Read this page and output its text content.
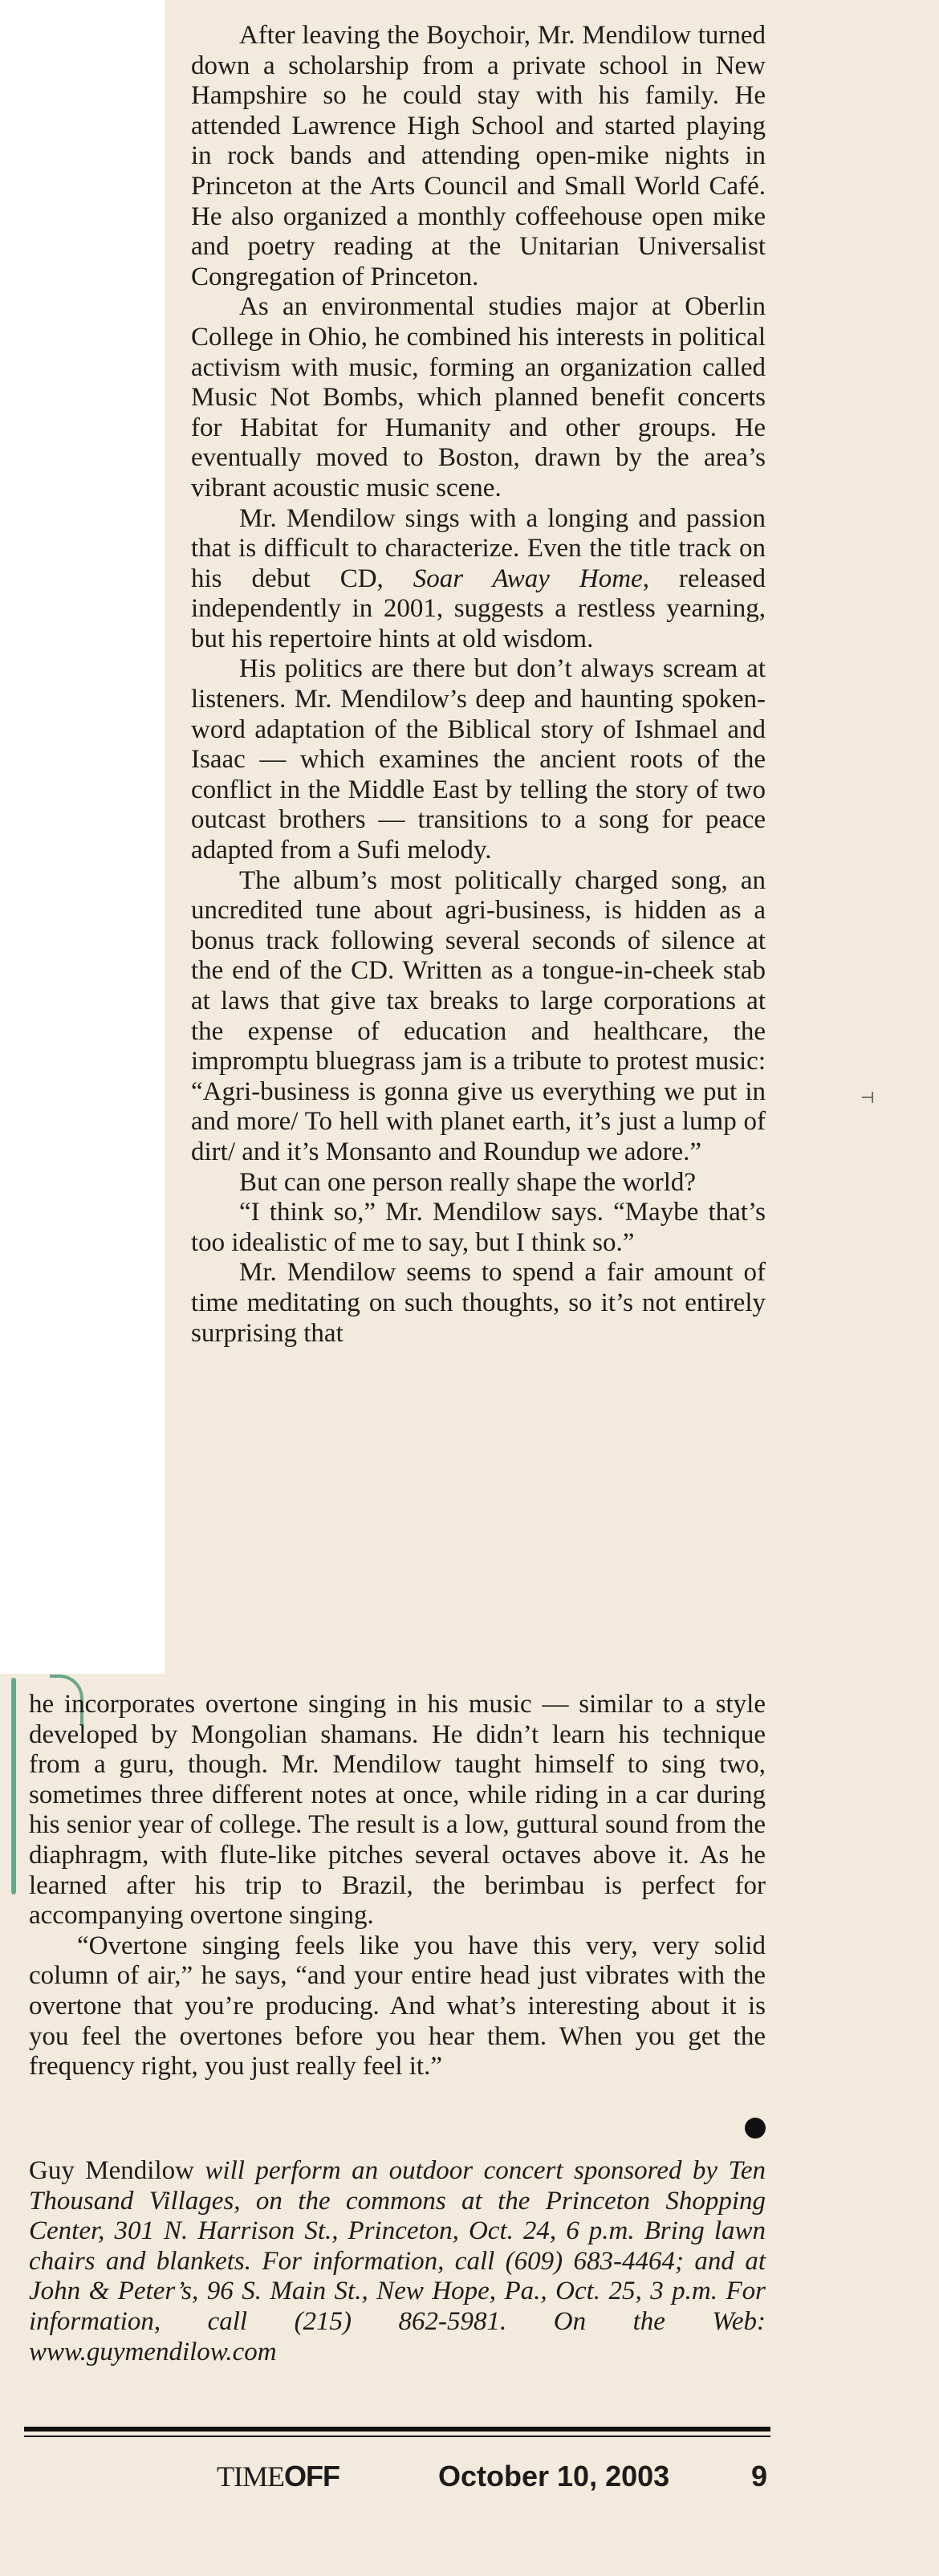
After leaving the Boychoir, Mr. Mendilow turned down a scholarship from a private school in New Hampshire so he could stay with his family. He attended Lawrence High School and started playing in rock bands and attending open-mike nights in Princeton at the Arts Council and Small World Café. He also organized a monthly coffeehouse open mike and poetry reading at the Unitarian Universalist Congregation of Princeton.

As an environmental studies major at Oberlin College in Ohio, he combined his interests in political activism with music, forming an organization called Music Not Bombs, which planned benefit concerts for Habitat for Humanity and other groups. He eventually moved to Boston, drawn by the area’s vibrant acoustic music scene.

Mr. Mendilow sings with a longing and passion that is difficult to characterize. Even the title track on his debut CD, Soar Away Home, released independently in 2001, suggests a restless yearning, but his repertoire hints at old wisdom.

His politics are there but don’t always scream at listeners. Mr. Mendilow’s deep and haunting spoken-word adaptation of the Biblical story of Ishmael and Isaac — which examines the ancient roots of the conflict in the Middle East by telling the story of two outcast brothers — transitions to a song for peace adapted from a Sufi melody.

The album’s most politically charged song, an uncredited tune about agri-business, is hidden as a bonus track following several seconds of silence at the end of the CD. Written as a tongue-in-cheek stab at laws that give tax breaks to large corporations at the expense of education and healthcare, the impromptu bluegrass jam is a tribute to protest music: “Agri-business is gonna give us everything we put in and more/ To hell with planet earth, it’s just a lump of dirt/ and it’s Monsanto and Roundup we adore.”

But can one person really shape the world?

“I think so,” Mr. Mendilow says. “Maybe that’s too idealistic of me to say, but I think so.”

Mr. Mendilow seems to spend a fair amount of time meditating on such thoughts, so it’s not entirely surprising that

he incorporates overtone singing in his music — similar to a style developed by Mongolian shamans. He didn’t learn his technique from a guru, though. Mr. Mendilow taught himself to sing two, sometimes three different notes at once, while riding in a car during his senior year of college. The result is a low, guttural sound from the diaphragm, with flute-like pitches several octaves above it. As he learned after his trip to Brazil, the berimbau is perfect for accompanying overtone singing.

“Overtone singing feels like you have this very, very solid column of air,” he says, “and your entire head just vibrates with the overtone that you’re producing. And what’s interesting about it is you feel the overtones before you hear them. When you get the frequency right, you just really feel it.”

Guy Mendilow will perform an outdoor concert sponsored by Ten Thousand Villages, on the commons at the Princeton Shopping Center, 301 N. Harrison St., Princeton, Oct. 24, 6 p.m. Bring lawn chairs and blankets. For information, call (609) 683-4464; and at John & Peter’s, 96 S. Main St., New Hope, Pa., Oct. 25, 3 p.m. For information, call (215) 862-5981. On the Web: www.guymendilow.com
⊣
TIMEOFF	October 10, 2003	9
